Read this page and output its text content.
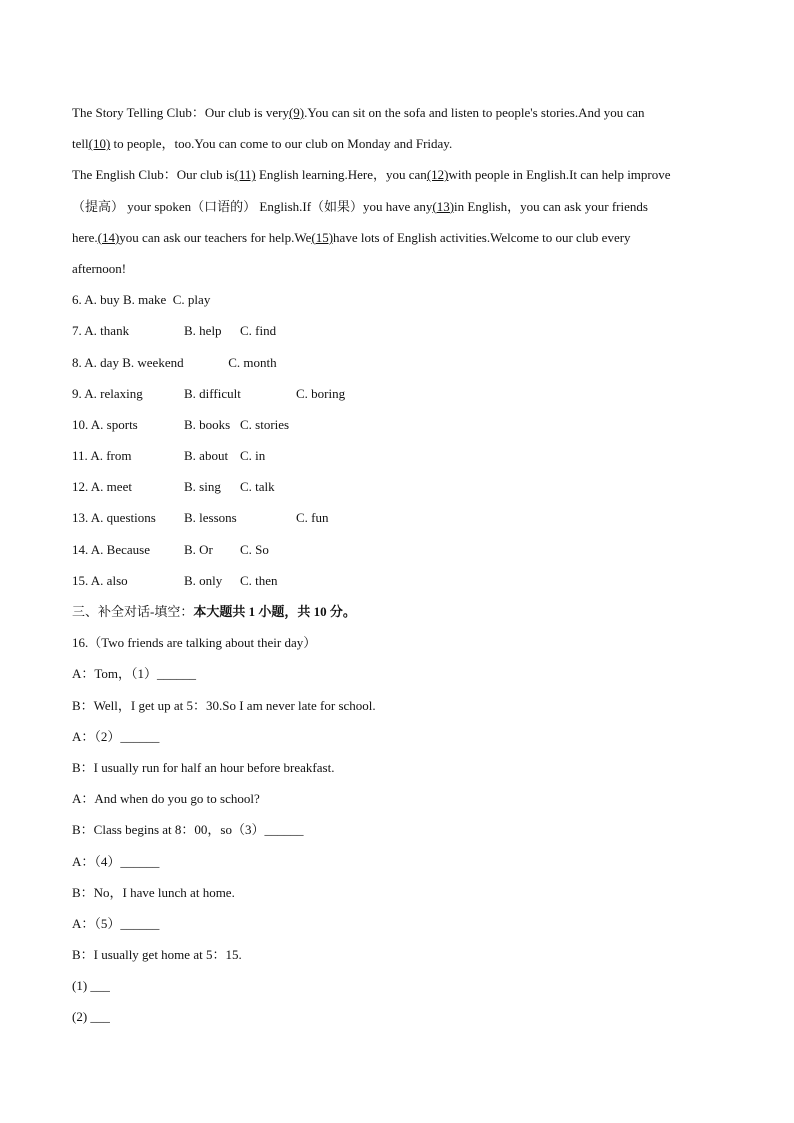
The Story Telling Club：Our club is very(9).You can sit on the sofa and listen to people's stories.And you can
tell(10) to people，too.You can come to our club on Monday and Friday.
The English Club：Our club is(11) English learning.Here，you can(12)with people in English.It can help improve
（提高） your spoken（口语的） English.If（如果）you have any(13)in English，you can ask your friends
here.(14)you can ask our teachers for help.We(15)have lots of English activities.Welcome to our club every
afternoon!
6. A. buy B. make C. play
7. A. thank	B. help C. find
8. A. day B. weekend	C. month
9. A. relaxing	B. difficult	C. boring
10. A. sports	B. books C. stories
11. A. from	B. about C. in
12. A. meet	B. sing C. talk
13. A. questions B. lessons	C. fun
14. A. Because	B. Or C. So
15. A. also	B. only C. then
三、补全对话-填空：本大题共 1 小题，共 10 分。
16.（Two friends are talking about their day）
A：Tom，（1）______
B：Well，I get up at 5：30.So I am never late for school.
A：（2）______
B：I usually run for half an hour before breakfast.
A：And when do you go to school?
B：Class begins at 8：00，so（3）______
A：（4）______
B：No，I have lunch at home.
A：（5）______
B：I usually get home at 5：15.
(1) ___
(2) ___
